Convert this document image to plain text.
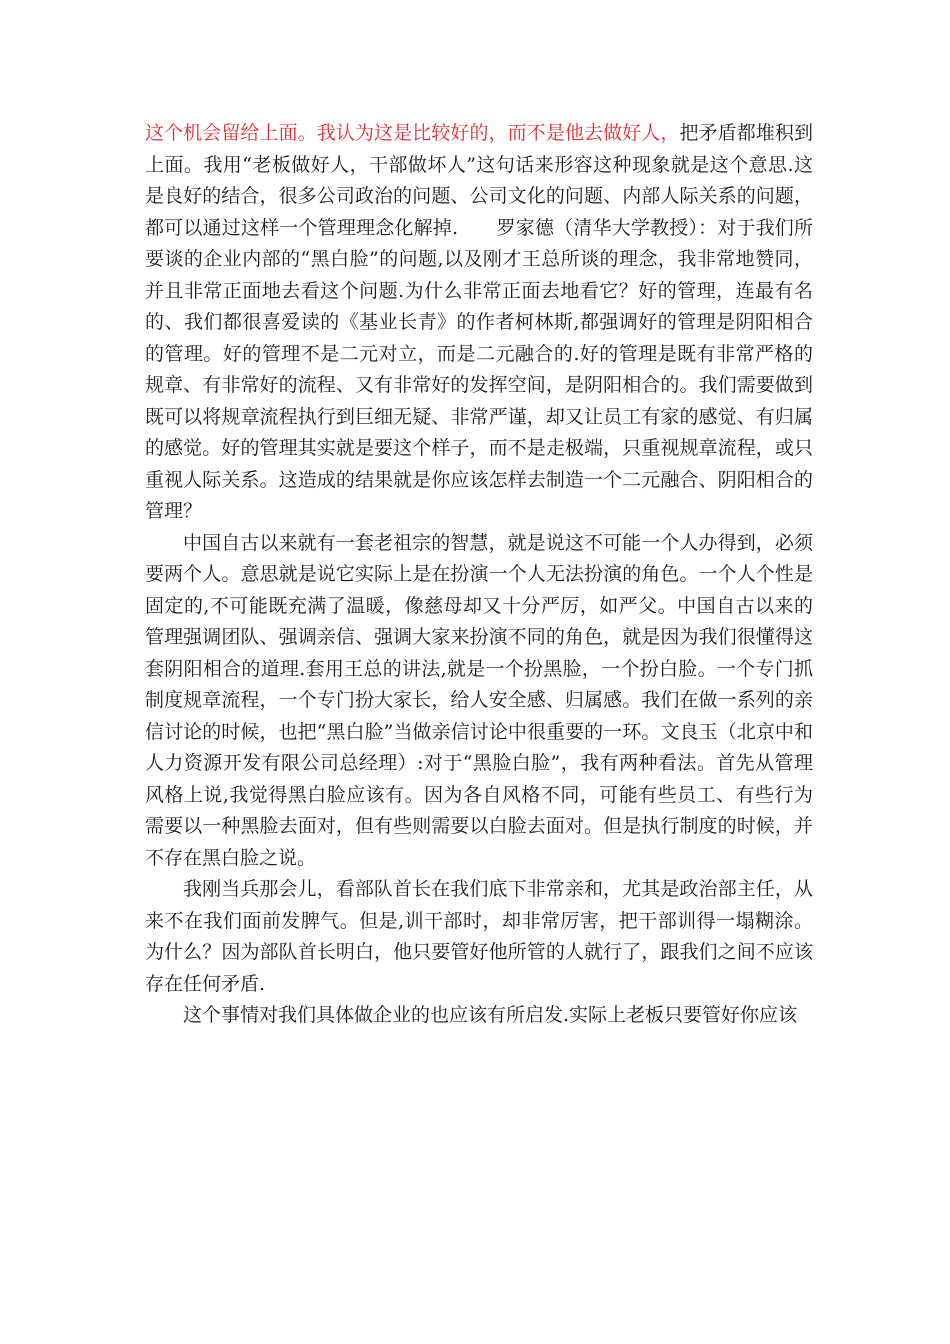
这个机会留给上面。我认为这是比较好的，而不是他去做好人，把矛盾都堆积到上面。我用“老板做好人，干部做坏人”这句话来形容这种现象就是这个意思.这是良好的结合，很多公司政治的问题、公司文化的问题、内部人际关系的问题，都可以通过这样一个管理理念化解掉.　　罗家德（清华大学教授）：对于我们所要谈的企业内部的“黑白脸”的问题,以及刚才王总所谈的理念，我非常地赞同，并且非常正面地去看这个问题.为什么非常正面去地看它？好的管理，连最有名的、我们都很喜爱读的《基业长青》的作者柯林斯,都强调好的管理是阴阳相合的管理。好的管理不是二元对立，而是二元融合的.好的管理是既有非常严格的规章、有非常好的流程、又有非常好的发挥空间，是阴阳相合的。我们需要做到既可以将规章流程执行到巨细无疑、非常严谨，却又让员工有家的感觉、有归属的感觉。好的管理其实就是要这个样子，而不是走极端，只重视规章流程，或只重视人际关系。这造成的结果就是你应该怎样去制造一个二元融合、阴阳相合的管理？

中国自古以来就有一套老祖宗的智慧，就是说这不可能一个人办得到，必须要两个人。意思就是说它实际上是在扮演一个人无法扮演的角色。一个人个性是固定的,不可能既充满了温暖，像慈母却又十分严厉，如严父。中国自古以来的管理强调团队、强调亲信、强调大家来扮演不同的角色，就是因为我们很懂得这套阴阳相合的道理.套用王总的讲法,就是一个扮黑脸，一个扮白脸。一个专门抓制度规章流程，一个专门扮大家长，给人安全感、归属感。我们在做一系列的亲信讨论的时候，也把“黑白脸”当做亲信讨论中很重要的一环。文良玉（北京中和人力资源开发有限公司总经理）:对于“黑脸白脸”，我有两种看法。首先从管理风格上说,我觉得黑白脸应该有。因为各自风格不同，可能有些员工、有些行为需要以一种黑脸去面对，但有些则需要以白脸去面对。但是执行制度的时候，并不存在黑白脸之说。

我刚当兵那会儿，看部队首长在我们底下非常亲和，尤其是政治部主任，从来不在我们面前发脾气。但是,训干部时，却非常厉害，把干部训得一塌糊涂。为什么？因为部队首长明白，他只要管好他所管的人就行了，跟我们之间不应该存在任何矛盾.

这个事情对我们具体做企业的也应该有所启发.实际上老板只要管好你应该
